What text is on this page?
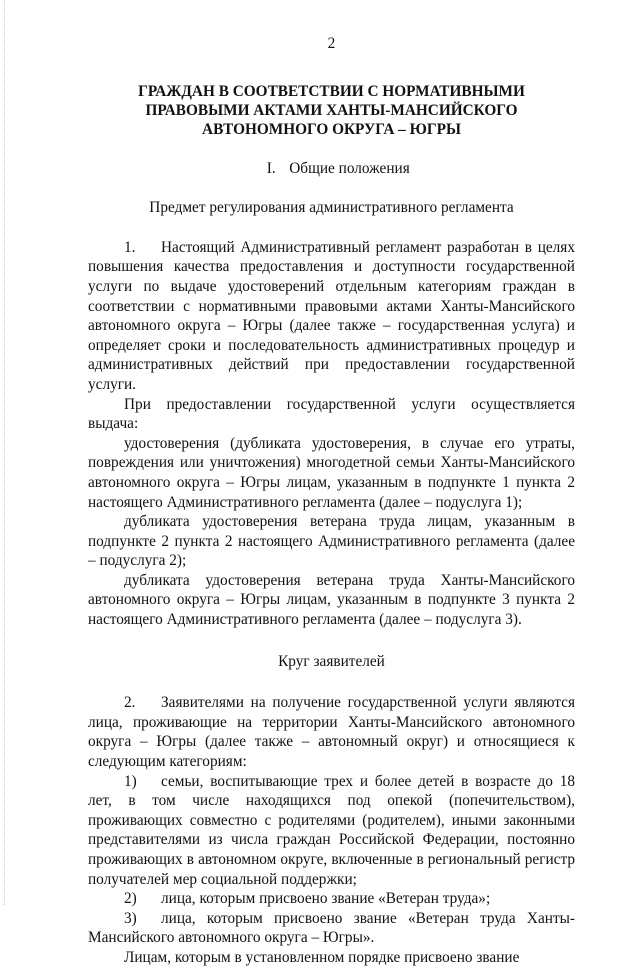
2
ГРАЖДАН В СООТВЕТСТВИИ С НОРМАТИВНЫМИ
ПРАВОВЫМИ АКТАМИ ХАНТЫ-МАНСИЙСКОГО
АВТОНОМНОГО ОКРУГА – ЮГРЫ
I. Общие положения
Предмет регулирования административного регламента

1. Настоящий Административный регламент разработан в целях повышения качества предоставления и доступности государственной услуги по выдаче удостоверений отдельным категориям граждан в соответствии с нормативными правовыми актами Ханты-Мансийского автономного округа – Югры (далее также – государственная услуга) и определяет сроки и последовательность административных процедур и административных действий при предоставлении государственной услуги.

При предоставлении государственной услуги осуществляется выдача:

удостоверения (дубликата удостоверения, в случае его утраты, повреждения или уничтожения) многодетной семьи Ханты-Мансийского автономного округа – Югры лицам, указанным в подпункте 1 пункта 2 настоящего Административного регламента (далее – подуслуга 1);

дубликата удостоверения ветерана труда лицам, указанным в подпункте 2 пункта 2 настоящего Административного регламента (далее – подуслуга 2);

дубликата удостоверения ветерана труда Ханты-Мансийского автономного округа – Югры лицам, указанным в подпункте 3 пункта 2 настоящего Административного регламента (далее – подуслуга 3).

Круг заявителей

2. Заявителями на получение государственной услуги являются лица, проживающие на территории Ханты-Мансийского автономного округа – Югры (далее также – автономный округ) и относящиеся к следующим категориям:

1) семьи, воспитывающие трех и более детей в возрасте до 18 лет, в том числе находящихся под опекой (попечительством), проживающих совместно с родителями (родителем), иными законными представителями из числа граждан Российской Федерации, постоянно проживающих в автономном округе, включенные в региональный регистр получателей мер социальной поддержки;

2) лица, которым присвоено звание «Ветеран труда»;

3) лица, которым присвоено звание «Ветеран труда Ханты-Мансийского автономного округа – Югры».

Лицам, которым в установленном порядке присвоено звание
